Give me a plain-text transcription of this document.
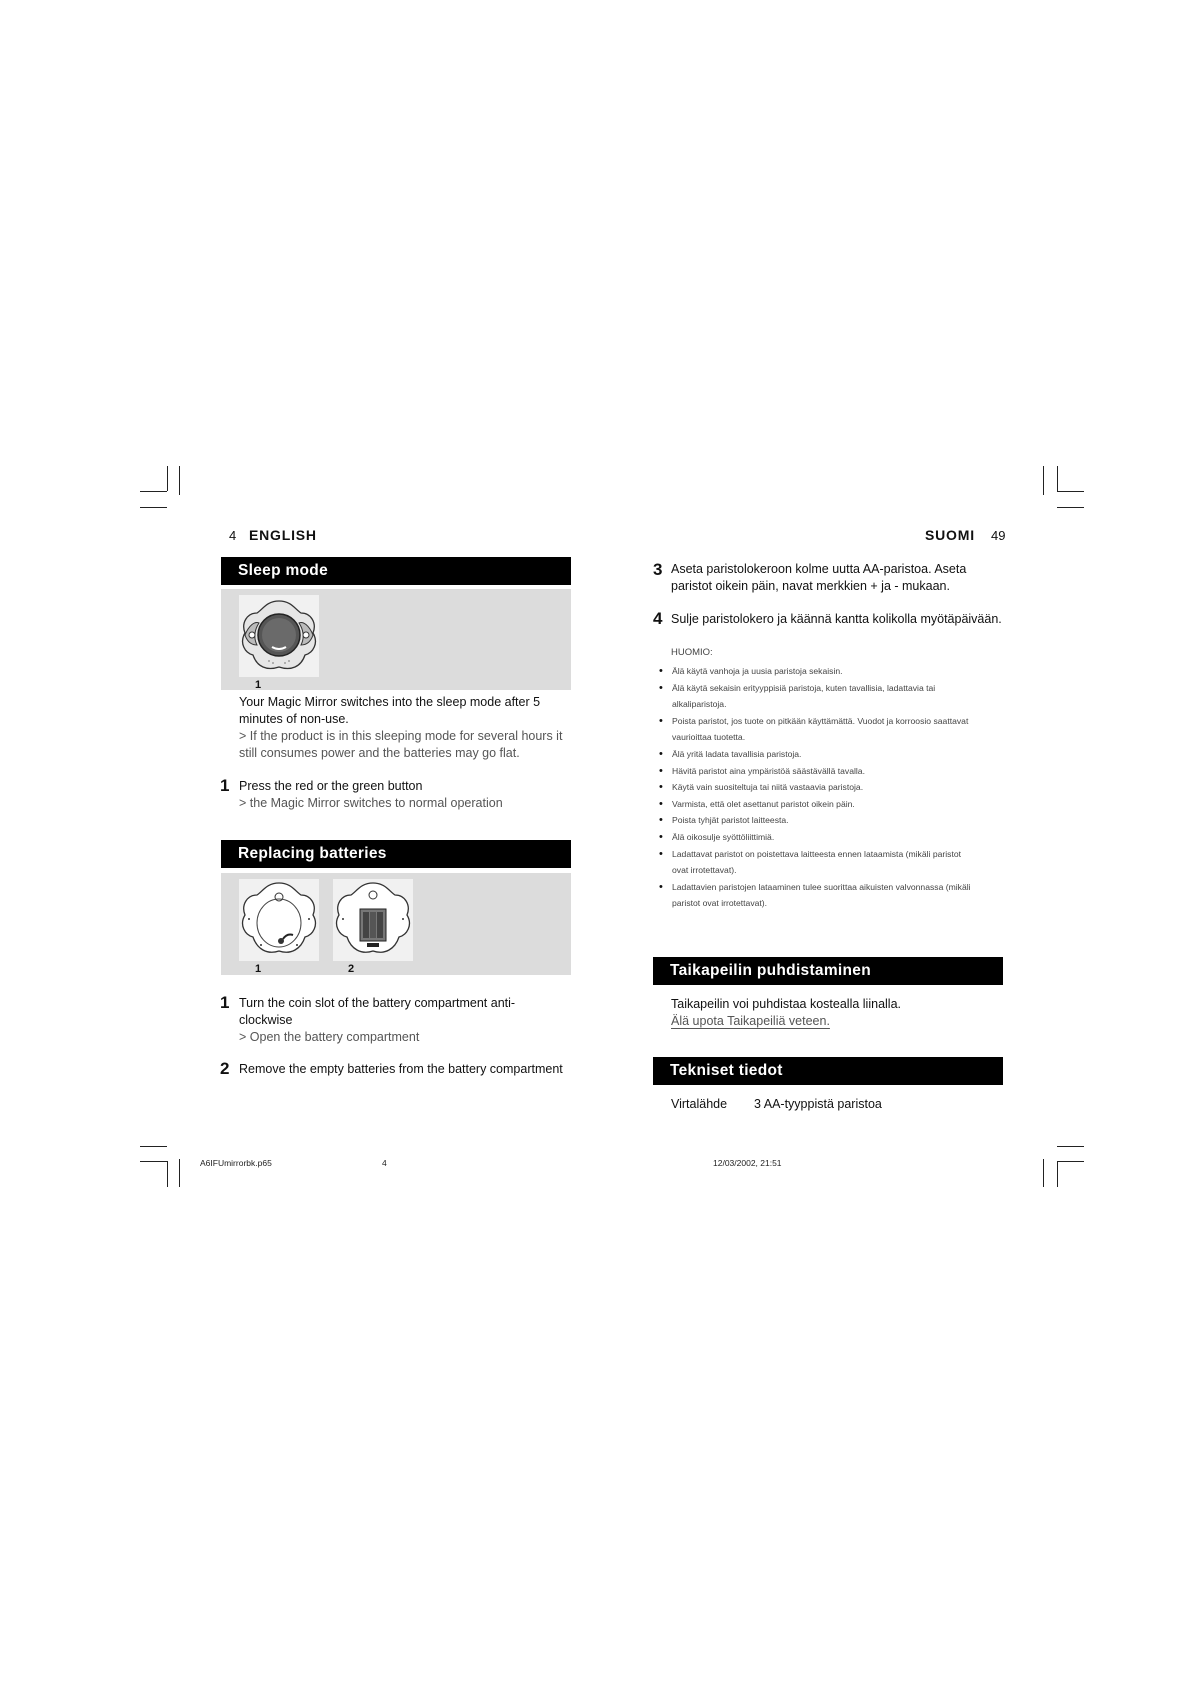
4 ENGLISH
Sleep mode
1
Your Magic Mirror switches into the sleep mode after 5
minutes of non-use.
> If the product is in this sleeping mode for several hours it
still consumes power and the batteries may go flat.
1 Press the red or the green button
> the Magic Mirror switches to normal operation
Replacing batteries
1	2
1 Turn the coin slot of the battery compartment anti-
clockwise
> Open the battery compartment
2 Remove the empty batteries from the battery compartment
SUOMI 49
3 Aseta paristolokeroon kolme uutta AA-paristoa. Aseta
paristot oikein päin, navat merkkien + ja - mukaan.
4 Sulje paristolokero ja käännä kantta kolikolla myötäpäivään.
HUOMIO:
• Älä käytä vanhoja ja uusia paristoja sekaisin.
• Älä käytä sekaisin erityyppisiä paristoja, kuten tavallisia, ladattavia tai
alkaliparistoja.
• Poista paristot, jos tuote on pitkään käyttämättä. Vuodot ja korroosio saattavat
vaurioittaa tuotetta.
• Älä yritä ladata tavallisia paristoja.
• Hävitä paristot aina ympäristöä säästävällä tavalla.
• Käytä vain suositeltuja tai niitä vastaavia paristoja.
• Varmista, että olet asettanut paristot oikein päin.
• Poista tyhjät paristot laitteesta.
• Älä oikosulje syöttöliittimiä.
• Ladattavat paristot on poistettava laitteesta ennen lataamista (mikäli paristot
ovat irrotettavat).
• Ladattavien paristojen lataaminen tulee suorittaa aikuisten valvonnassa (mikäli
paristot ovat irrotettavat).
Taikapeilin puhdistaminen
Taikapeilin voi puhdistaa kostealla liinalla.
Älä upota Taikapeiliä veteen.
Tekniset tiedot
Virtalähde 3 AA-tyyppistä paristoa
A6IFUmirrorbk.p65	4	12/03/2002, 21:51
